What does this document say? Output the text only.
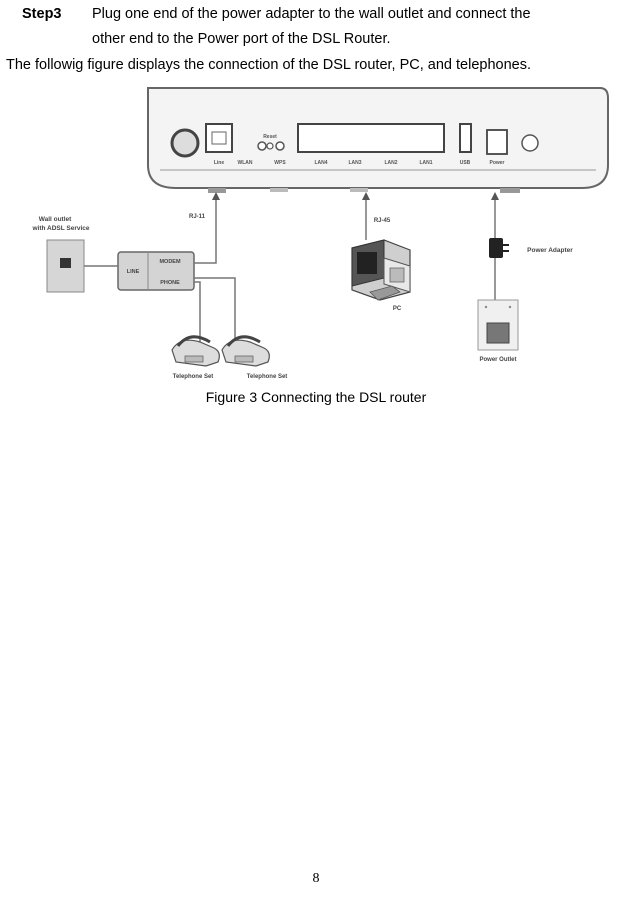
Step3 Plug one end of the power adapter to the wall outlet and connect the
other end to the Power port of the DSL Router.
The followig figure displays the connection of the DSL router, PC, and telephones.
Line
Reset
WLAN	WPS	LAN4	LAN3	LAN2	LAN1	USB	Power
Wall outlet
with ADSL Service
LINE
MODEM
PHONE
RJ-11
Telephone Set	Telephone Set
RJ-45
PC
Power Adapter
Power Outlet
Figure 3 Connecting the DSL router
8
